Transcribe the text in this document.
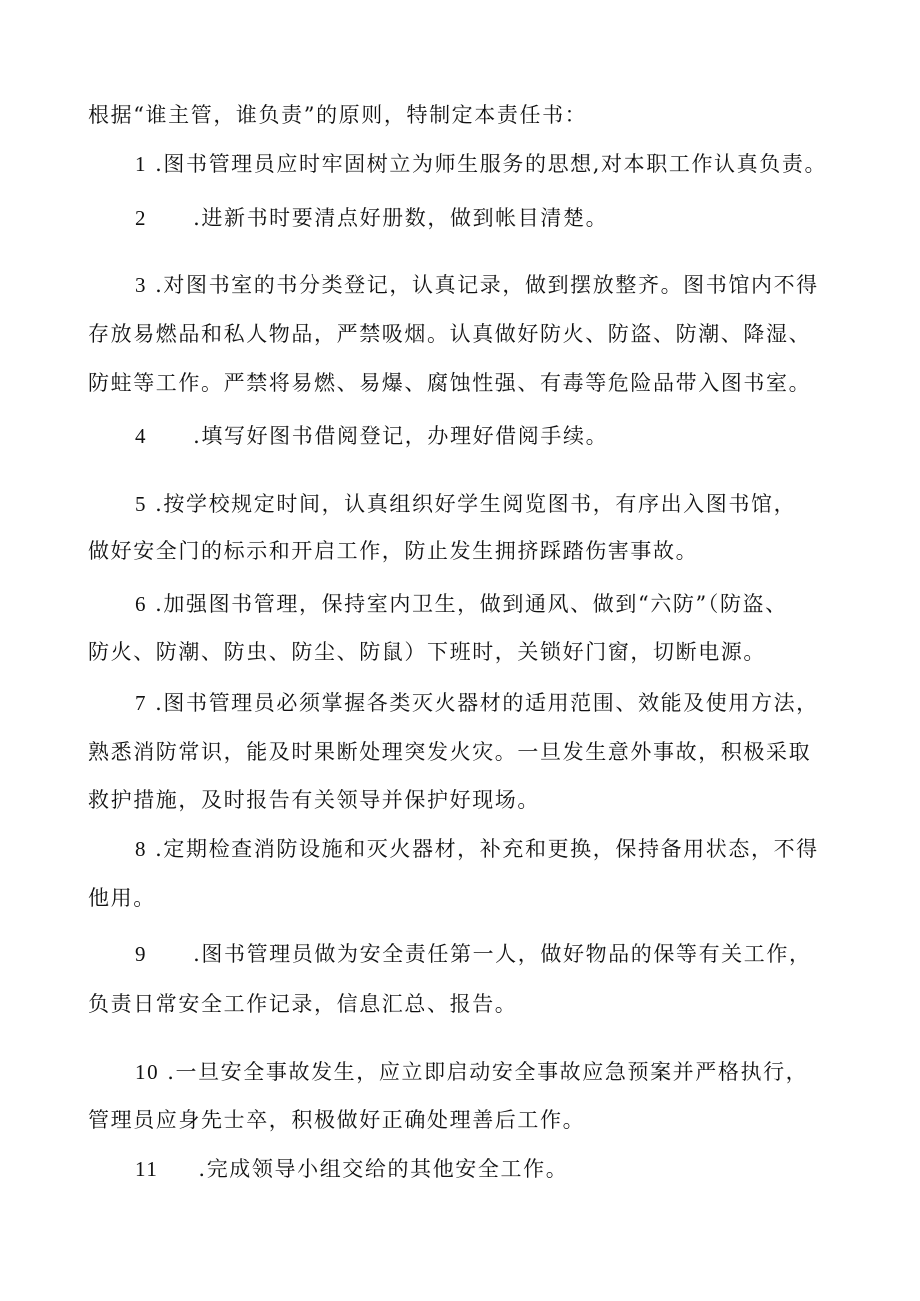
根据“谁主管，谁负责”的原则，特制定本责任书：
1 .图书管理员应时牢固树立为师生服务的思想,对本职工作认真负责。
2 .进新书时要清点好册数，做到帐目清楚。
3 .对图书室的书分类登记，认真记录，做到摆放整齐。图书馆内不得
存放易燃品和私人物品，严禁吸烟。认真做好防火、防盗、防潮、降湿、
防蛀等工作。严禁将易燃、易爆、腐蚀性强、有毒等危险品带入图书室。
4 .填写好图书借阅登记，办理好借阅手续。
5 .按学校规定时间，认真组织好学生阅览图书，有序出入图书馆，
做好安全门的标示和开启工作，防止发生拥挤踩踏伤害事故。
6 .加强图书管理，保持室内卫生，做到通风、做到“六防”（防盗、
防火、防潮、防虫、防尘、防鼠）下班时，关锁好门窗，切断电源。
7 .图书管理员必须掌握各类灭火器材的适用范围、效能及使用方法，
熟悉消防常识，能及时果断处理突发火灾。一旦发生意外事故，积极采取
救护措施，及时报告有关领导并保护好现场。
8 .定期检查消防设施和灭火器材，补充和更换，保持备用状态，不得
他用。
9 .图书管理员做为安全责任第一人，做好物品的保等有关工作，
负责日常安全工作记录，信息汇总、报告。
10 .一旦安全事故发生，应立即启动安全事故应急预案并严格执行，
管理员应身先士卒，积极做好正确处理善后工作。
11 .完成领导小组交给的其他安全工作。
